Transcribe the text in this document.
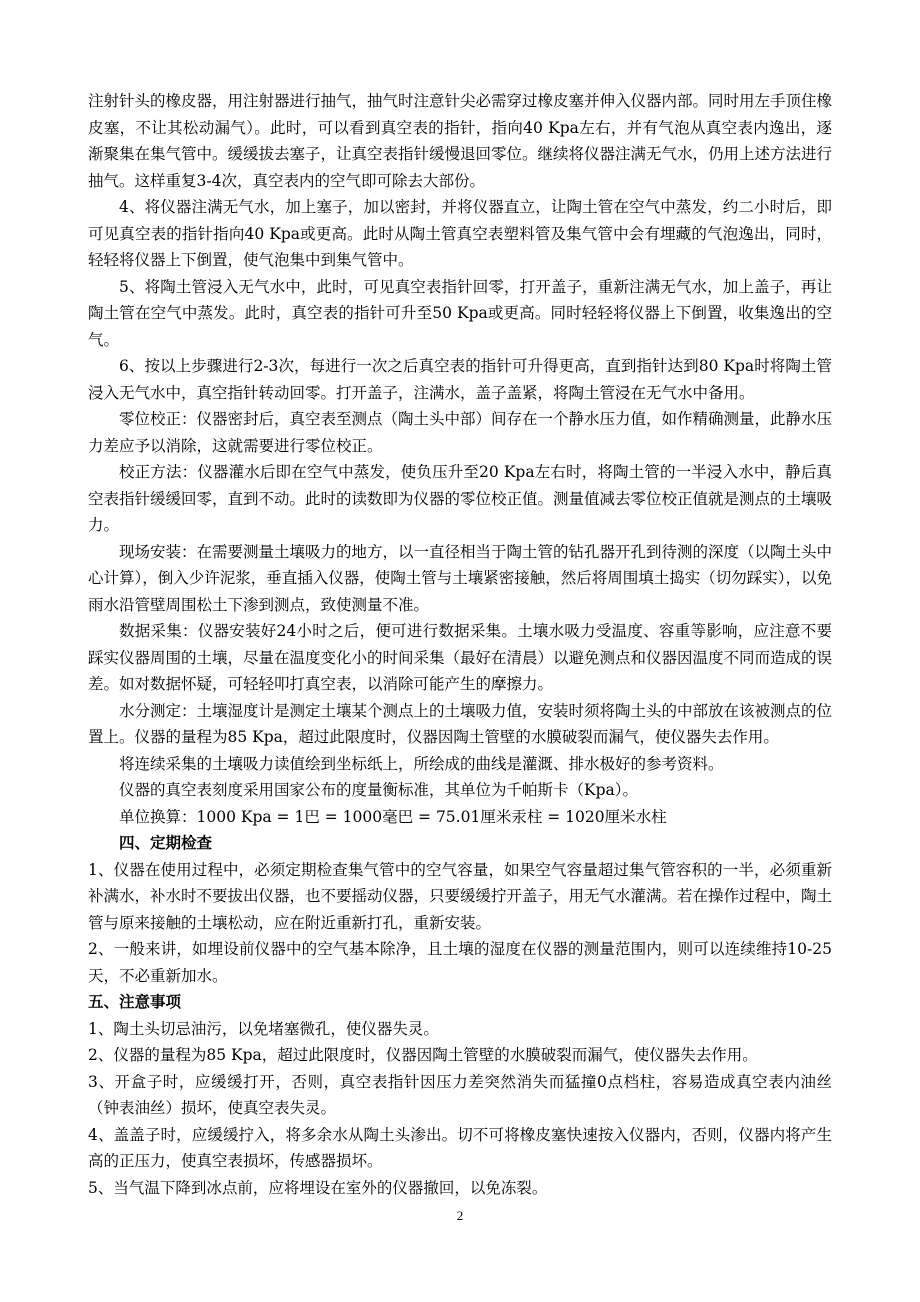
注射针头的橡皮器，用注射器进行抽气，抽气时注意针尖必需穿过橡皮塞并伸入仪器内部。同时用左手顶住橡皮塞，不让其松动漏气）。此时，可以看到真空表的指针，指向40 Kpa左右，并有气泡从真空表内逸出，逐渐聚集在集气管中。缓缓拔去塞子，让真空表指针缓慢退回零位。继续将仪器注满无气水，仍用上述方法进行抽气。这样重复3-4次，真空表内的空气即可除去大部份。

4、将仪器注满无气水，加上塞子，加以密封，并将仪器直立，让陶土管在空气中蒸发，约二小时后，即可见真空表的指针指向40 Kpa或更高。此时从陶土管真空表塑料管及集气管中会有埋藏的气泡逸出，同时，轻轻将仪器上下倒置，使气泡集中到集气管中。

5、将陶土管浸入无气水中，此时，可见真空表指针回零，打开盖子，重新注满无气水，加上盖子，再让陶土管在空气中蒸发。此时，真空表的指针可升至50 Kpa或更高。同时轻轻将仪器上下倒置，收集逸出的空气。

6、按以上步骤进行2-3次，每进行一次之后真空表的指针可升得更高，直到指针达到80 Kpa时将陶土管浸入无气水中，真空指针转动回零。打开盖子，注满水，盖子盖紧，将陶土管浸在无气水中备用。

零位校正：仪器密封后，真空表至测点（陶土头中部）间存在一个静水压力值，如作精确测量，此静水压力差应予以消除，这就需要进行零位校正。

校正方法：仪器灌水后即在空气中蒸发，使负压升至20 Kpa左右时，将陶土管的一半浸入水中，静后真空表指针缓缓回零，直到不动。此时的读数即为仪器的零位校正值。测量值减去零位校正值就是测点的土壤吸力。

现场安装：在需要测量土壤吸力的地方，以一直径相当于陶土管的钻孔器开孔到待测的深度（以陶土头中心计算），倒入少许泥浆，垂直插入仪器，使陶土管与土壤紧密接触，然后将周围填土捣实（切勿踩实），以免雨水沿管壁周围松土下渗到测点，致使测量不准。

数据采集：仪器安装好24小时之后，便可进行数据采集。土壤水吸力受温度、容重等影响，应注意不要踩实仪器周围的土壤，尽量在温度变化小的时间采集（最好在清晨）以避免测点和仪器因温度不同而造成的误差。如对数据怀疑，可轻轻叩打真空表，以消除可能产生的摩擦力。

水分测定：土壤湿度计是测定土壤某个测点上的土壤吸力值，安装时须将陶土头的中部放在该被测点的位置上。仪器的量程为85 Kpa，超过此限度时，仪器因陶土管壁的水膜破裂而漏气，使仪器失去作用。

将连续采集的土壤吸力读值绘到坐标纸上，所绘成的曲线是灌溉、排水极好的参考资料。

仪器的真空表刻度采用国家公布的度量衡标准，其单位为千帕斯卡（Kpa）。

单位换算：1000 Kpa = 1巴 = 1000毫巴 = 75.01厘米汞柱 = 1020厘米水柱

四、定期检查

1、仪器在使用过程中，必须定期检查集气管中的空气容量，如果空气容量超过集气管容积的一半，必须重新补满水，补水时不要拔出仪器，也不要摇动仪器，只要缓缓拧开盖子，用无气水灌满。若在操作过程中，陶土管与原来接触的土壤松动，应在附近重新打孔，重新安装。

2、一般来讲，如埋设前仪器中的空气基本除净，且土壤的湿度在仪器的测量范围内，则可以连续维持10-25天，不必重新加水。

五、注意事项

1、陶土头切忌油污，以免堵塞微孔，使仪器失灵。

2、仪器的量程为85 Kpa，超过此限度时，仪器因陶土管壁的水膜破裂而漏气，使仪器失去作用。

3、开盒子时，应缓缓打开，否则，真空表指针因压力差突然消失而猛撞0点档柱，容易造成真空表内油丝（钟表油丝）损坏，使真空表失灵。

4、盖盖子时，应缓缓拧入，将多余水从陶土头渗出。切不可将橡皮塞快速按入仪器内，否则，仪器内将产生高的正压力，使真空表损坏，传感器损坏。

5、当气温下降到冰点前，应将埋设在室外的仪器撤回，以免冻裂。

2
